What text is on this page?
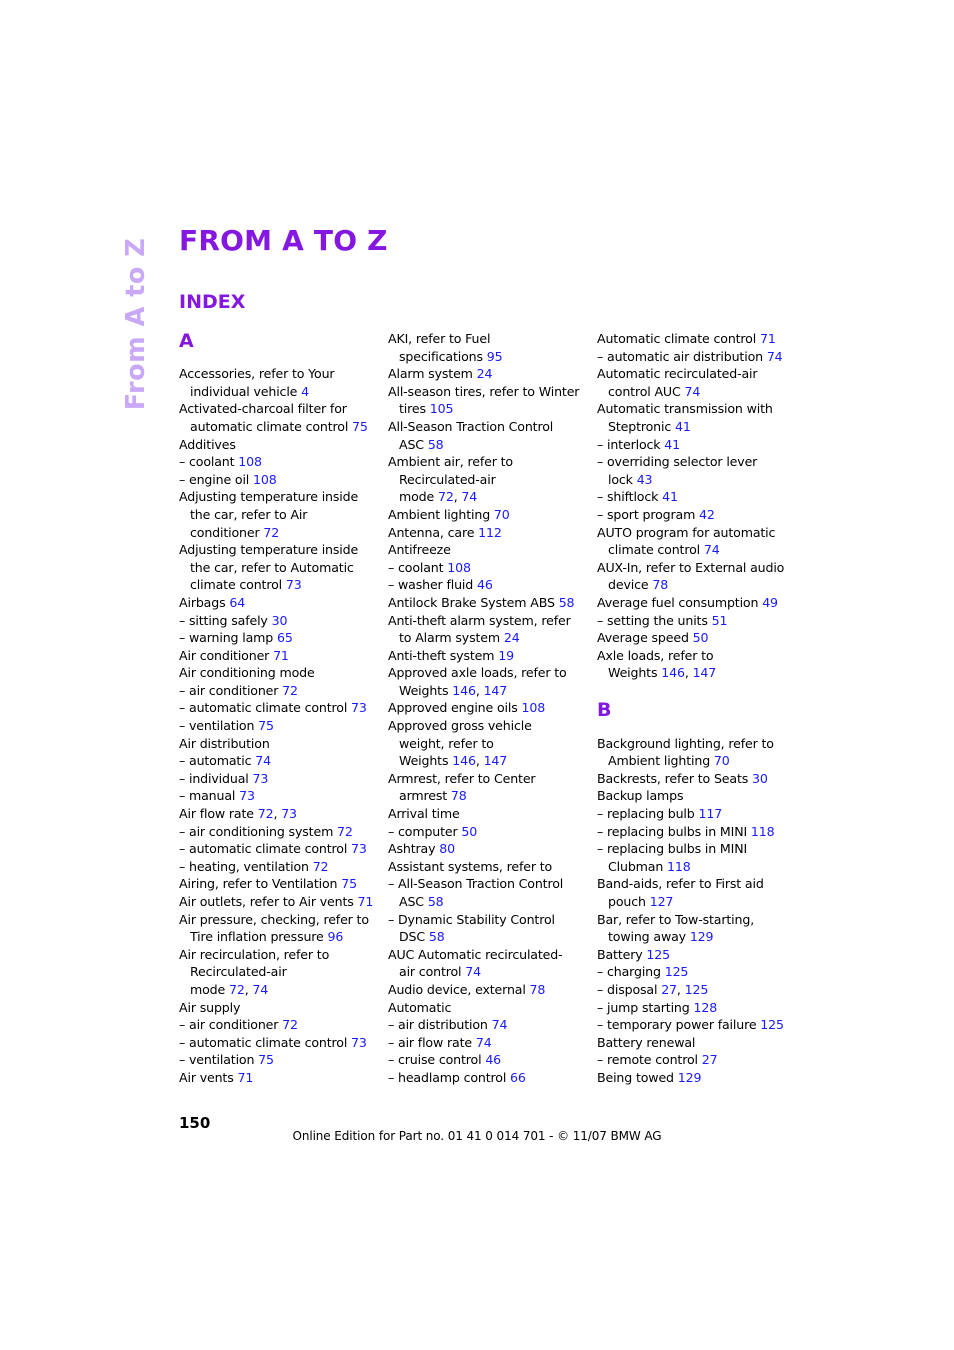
From A to Z FROM A TO Z
INDEX
A
Accessories, refer to Your
individual vehicle 4
Activated-charcoal filter for
automatic climate control 75
Additives
– coolant 108
– engine oil 108
Adjusting temperature inside
the car, refer to Air
conditioner 72
Adjusting temperature inside
the car, refer to Automatic
climate control 73
Airbags 64
– sitting safely 30
– warning lamp 65
Air conditioner 71
Air conditioning mode
– air conditioner 72
– automatic climate control 73
– ventilation 75
Air distribution
– automatic 74
– individual 73
– manual 73
Air flow rate 72, 73
– air conditioning system 72
– automatic climate control 73
– heating, ventilation 72
Airing, refer to Ventilation 75
Air outlets, refer to Air vents 71
Air pressure, checking, refer to
Tire inflation pressure 96
Air recirculation, refer to
Recirculated-air
mode 72, 74
Air supply
– air conditioner 72
– automatic climate control 73
– ventilation 75
Air vents 71
AKI, refer to Fuel
specifications 95
Alarm system 24
All-season tires, refer to Winter
tires 105
All-Season Traction Control
ASC 58
Ambient air, refer to
Recirculated-air
mode 72, 74
Ambient lighting 70
Antenna, care 112
Antifreeze
– coolant 108
– washer fluid 46
Antilock Brake System ABS 58
Anti-theft alarm system, refer
to Alarm system 24
Anti-theft system 19
Approved axle loads, refer to
Weights 146, 147
Approved engine oils 108
Approved gross vehicle
weight, refer to
Weights 146, 147
Armrest, refer to Center
armrest 78
Arrival time
– computer 50
Ashtray 80
Assistant systems, refer to
– All-Season Traction Control
ASC 58
– Dynamic Stability Control
DSC 58
AUC Automatic recirculated-
air control 74
Audio device, external 78
Automatic
– air distribution 74
– air flow rate 74
– cruise control 46
– headlamp control 66
Automatic climate control 71
– automatic air distribution 74
Automatic recirculated-air
control AUC 74
Automatic transmission with
Steptronic 41
– interlock 41
– overriding selector lever
lock 43
– shiftlock 41
– sport program 42
AUTO program for automatic
climate control 74
AUX-In, refer to External audio
device 78
Average fuel consumption 49
– setting the units 51
Average speed 50
Axle loads, refer to
Weights 146, 147
B
Background lighting, refer to
Ambient lighting 70
Backrests, refer to Seats 30
Backup lamps
– replacing bulb 117
– replacing bulbs in MINI 118
– replacing bulbs in MINI
Clubman 118
Band-aids, refer to First aid
pouch 127
Bar, refer to Tow-starting,
towing away 129
Battery 125
– charging 125
– disposal 27, 125
– jump starting 128
– temporary power failure 125
Battery renewal
– remote control 27
Being towed 129
150
Online Edition for Part no. 01 41 0 014 701 - © 11/07 BMW AG
